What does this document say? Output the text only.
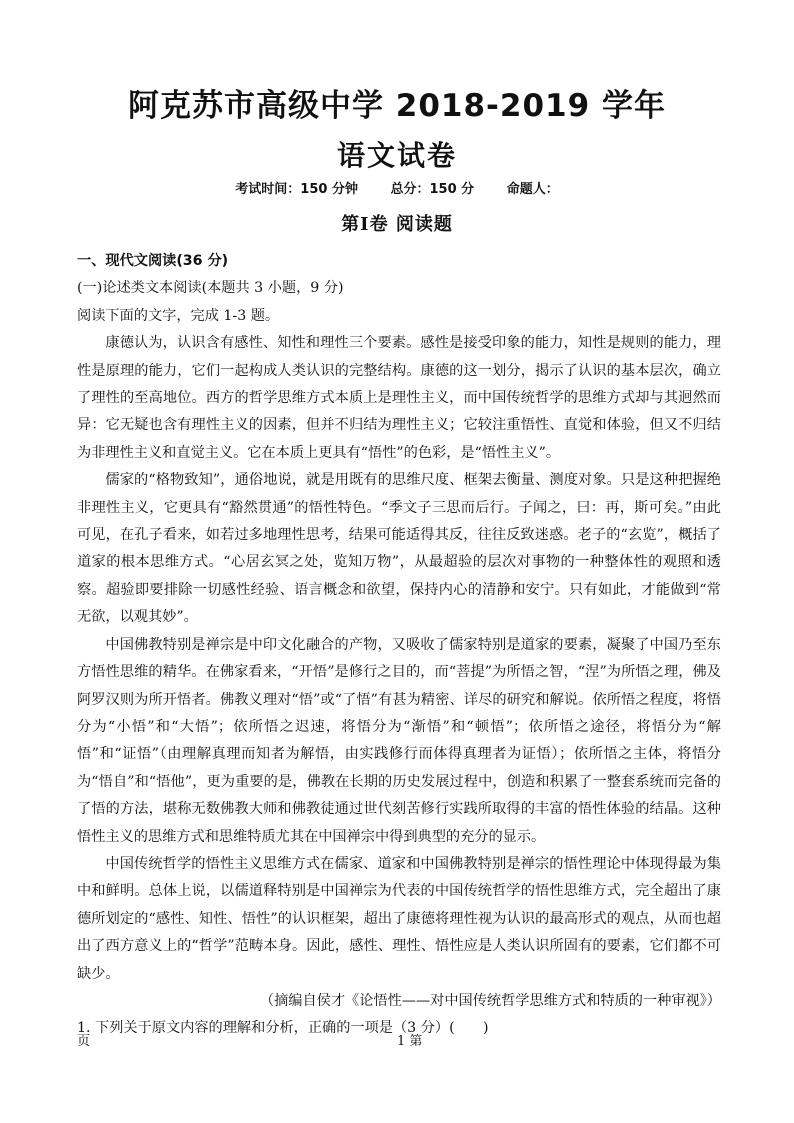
阿克苏市高级中学 2018-2019 学年
语文试卷
考试时间：150 分钟	总分：150 分	命题人：
第Ⅰ卷 阅读题

一、现代文阅读(36 分)

(一)论述类文本阅读(本题共 3 小题，9 分)

阅读下面的文字，完成 1-3 题。

康德认为，认识含有感性、知性和理性三个要素。感性是接受印象的能力，知性是规则的能力，理性是原理的能力，它们一起构成人类认识的完整结构。康德的这一划分，揭示了认识的基本层次，确立了理性的至高地位。西方的哲学思维方式本质上是理性主义，而中国传统哲学的思维方式却与其迥然而异：它无疑也含有理性主义的因素，但并不归结为理性主义；它较注重悟性、直觉和体验，但又不归结为非理性主义和直觉主义。它在本质上更具有“悟性”的色彩，是“悟性主义”。

儒家的“格物致知”，通俗地说，就是用既有的思维尺度、框架去衡量、测度对象。只是这种把握绝非理性主义，它更具有“豁然贯通”的悟性特色。“季文子三思而后行。子闻之，曰：再，斯可矣。”由此可见，在孔子看来，如若过多地理性思考，结果可能适得其反，往往反致迷惑。老子的“玄览”，概括了道家的根本思维方式。“心居玄冥之处，览知万物”，从最超验的层次对事物的一种整体性的观照和透察。超验即要排除一切感性经验、语言概念和欲望，保持内心的清静和安宁。只有如此，才能做到“常无欲，以观其妙”。

中国佛教特别是禅宗是中印文化融合的产物，又吸收了儒家特别是道家的要素，凝聚了中国乃至东方悟性思维的精华。在佛家看来，“开悟”是修行之目的，而“菩提”为所悟之智，“涅”为所悟之理，佛及阿罗汉则为所开悟者。佛教义理对“悟”或“了悟”有甚为精密、详尽的研究和解说。依所悟之程度，将悟分为“小悟”和“大悟”；依所悟之迟速，将悟分为“渐悟”和“顿悟”；依所悟之途径，将悟分为“解悟”和“证悟”（由理解真理而知者为解悟，由实践修行而体得真理者为证悟）；依所悟之主体，将悟分为“悟自”和“悟他”，更为重要的是，佛教在长期的历史发展过程中，创造和积累了一整套系统而完备的了悟的方法，堪称无数佛教大师和佛教徒通过世代刻苦修行实践所取得的丰富的悟性体验的结晶。这种悟性主义的思维方式和思维特质尤其在中国禅宗中得到典型的充分的显示。

中国传统哲学的悟性主义思维方式在儒家、道家和中国佛教特别是禅宗的悟性理论中体现得最为集中和鲜明。总体上说，以儒道释特别是中国禅宗为代表的中国传统哲学的悟性思维方式，完全超出了康德所划定的“感性、知性、悟性”的认识框架，超出了康德将理性视为认识的最高形式的观点，从而也超出了西方意义上的“哲学”范畴本身。因此，感性、理性、悟性应是人类认识所固有的要素，它们都不可缺少。

（摘编自侯才《论悟性——对中国传统哲学思维方式和特质的一种审视》）

1. 下列关于原文内容的理解和分析，正确的一项是（3 分）(　　)

页	1 第
